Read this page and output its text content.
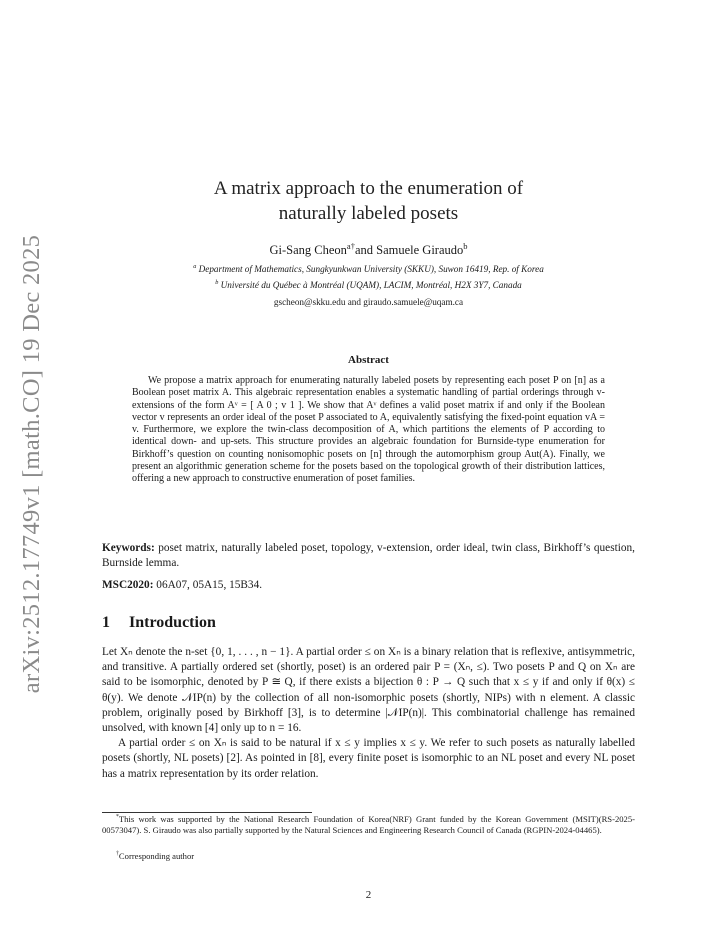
arXiv:2512.17749v1 [math.CO] 19 Dec 2025
A matrix approach to the enumeration of
naturally labeled posets
Gi-Sang Cheon$^{a\dagger}$and Samuele Giraudo$^b$
$^a$ Department of Mathematics, Sungkyunkwan University (SKKU), Suwon 16419, Rep. of Korea
$^b$ Université du Québec à Montréal (UQAM), LACIM, Montréal, H2X 3Y7, Canada
gscheon@skku.edu and giraudo.samuele@uqam.ca
Abstract
We propose a matrix approach for enumerating naturally labeled posets by representing each poset P on [n] as a Boolean poset matrix A. This algebraic representation enables a systematic handling of partial orderings through v-extensions of the form Aᵛ = [ A 0 ; v 1 ]. We show that Aᵛ defines a valid poset matrix if and only if the Boolean vector v represents an order ideal of the poset P associated to A, equivalently satisfying the fixed-point equation vA = v. Furthermore, we explore the twin-class decomposition of A, which partitions the elements of P according to identical down- and up-sets. This structure provides an algebraic foundation for Burnside-type enumeration for Birkhoff’s question on counting nonisomophic posets on [n] through the automorphism group Aut(A). Finally, we present an algorithmic generation scheme for the posets based on the topological growth of their distribution lattices, offering a new approach to constructive enumeration of poset families.
Keywords: poset matrix, naturally labeled poset, topology, v-extension, order ideal, twin class, Birkhoff’s question, Burnside lemma.
MSC2020: 06A07, 05A15, 15B34.
1 Introduction

Let Xₙ denote the n-set {0, 1, . . . , n − 1}. A partial order ≤ on Xₙ is a binary relation that is reflexive, antisymmetric, and transitive. A partially ordered set (shortly, poset) is an ordered pair P = (Xₙ, ≤). Two posets P and Q on Xₙ are said to be isomorphic, denoted by P ≅ Q, if there exists a bijection θ : P → Q such that x ≤ y if and only if θ(x) ≤ θ(y). We denote 𝒩IP(n) by the collection of all non-isomorphic posets (shortly, NIPs) with n element. A classic problem, originally posed by Birkhoff [3], is to determine |𝒩IP(n)|. This combinatorial challenge has remained unsolved, with known [4] only up to n = 16.

A partial order ≤ on Xₙ is said to be natural if x ≤ y implies x ≤ y. We refer to such posets as naturally labelled posets (shortly, NL posets) [2]. As pointed in [8], every finite poset is isomorphic to an NL poset and every NL poset has a matrix representation by its order relation.

*This work was supported by the National Research Foundation of Korea(NRF) Grant funded by the Korean Government (MSIT)(RS-2025-00573047). S. Giraudo was also partially supported by the Natural Sciences and Engineering Research Council of Canada (RGPIN-2024-04465).
†Corresponding author
2
